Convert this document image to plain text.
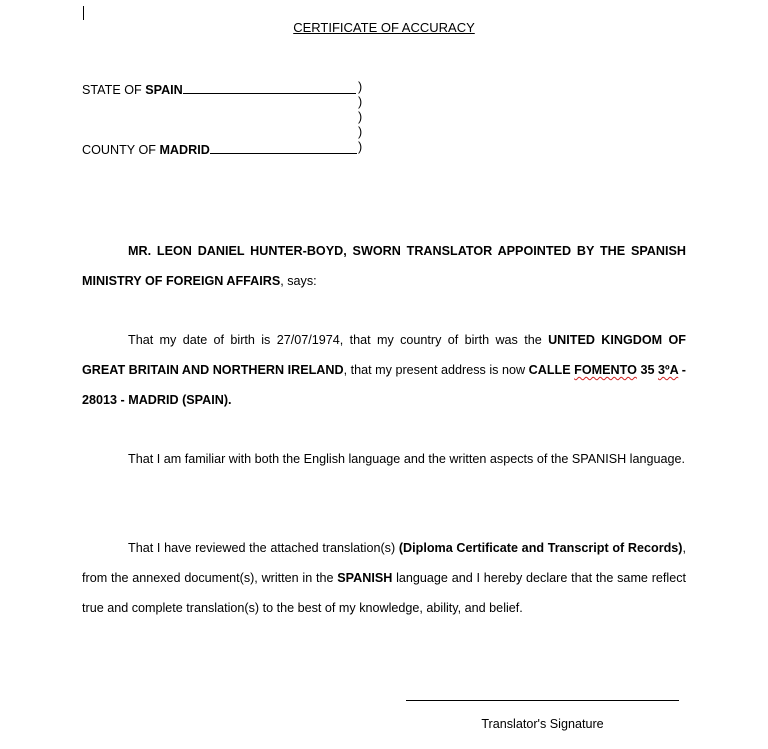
CERTIFICATE OF ACCURACY
STATE OF SPAIN	)
)
)
)
)
COUNTY OF MADRID
MR. LEON DANIEL HUNTER-BOYD, SWORN TRANSLATOR APPOINTED BY THE SPANISH MINISTRY OF FOREIGN AFFAIRS, says:
That my date of birth is 27/07/1974, that my country of birth was the UNITED KINGDOM OF GREAT BRITAIN AND NORTHERN IRELAND, that my present address is now CALLE FOMENTO 35 3ºA - 28013 - MADRID (SPAIN).
That I am familiar with both the English language and the written aspects of the SPANISH language.
That I have reviewed the attached translation(s) (Diploma Certificate and Transcript of Records), from the annexed document(s), written in the SPANISH language and I hereby declare that the same reflect true and complete translation(s) to the best of my knowledge, ability, and belief.
Translator's Signature
